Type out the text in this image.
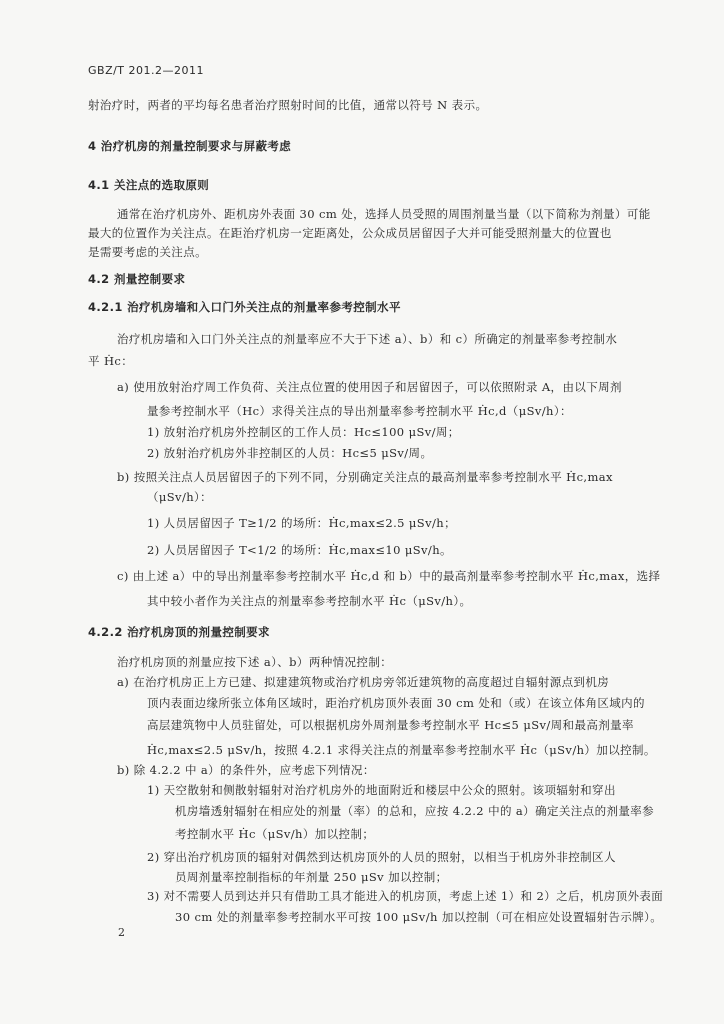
GBZ/T 201.2—2011
射治疗时，两者的平均每名患者治疗照射时间的比值，通常以符号 N 表示。
4 治疗机房的剂量控制要求与屏蔽考虑
4.1 关注点的选取原则
通常在治疗机房外、距机房外表面 30 cm 处，选择人员受照的周围剂量当量（以下简称为剂量）可能
最大的位置作为关注点。在距治疗机房一定距离处，公众成员居留因子大并可能受照剂量大的位置也
是需要考虑的关注点。
4.2 剂量控制要求
4.2.1 治疗机房墙和入口门外关注点的剂量率参考控制水平
治疗机房墙和入口门外关注点的剂量率应不大于下述 a）、b）和 c）所确定的剂量率参考控制水
平 Ḣc：
a) 使用放射治疗周工作负荷、关注点位置的使用因子和居留因子，可以依照附录 A，由以下周剂
量参考控制水平（Hc）求得关注点的导出剂量率参考控制水平 Ḣc,d（μSv/h）：
1) 放射治疗机房外控制区的工作人员：Hc≤100 μSv/周；
2) 放射治疗机房外非控制区的人员：Hc≤5 μSv/周。
b) 按照关注点人员居留因子的下列不同，分别确定关注点的最高剂量率参考控制水平 Ḣc,max
（μSv/h）：
1) 人员居留因子 T≥1/2 的场所：Ḣc,max≤2.5 μSv/h；
2) 人员居留因子 T<1/2 的场所：Ḣc,max≤10 μSv/h。
c) 由上述 a）中的导出剂量率参考控制水平 Ḣc,d 和 b）中的最高剂量率参考控制水平 Ḣc,max，选择
其中较小者作为关注点的剂量率参考控制水平 Ḣc（μSv/h）。
4.2.2 治疗机房顶的剂量控制要求
治疗机房顶的剂量应按下述 a）、b）两种情况控制：
a) 在治疗机房正上方已建、拟建建筑物或治疗机房旁邻近建筑物的高度超过自辐射源点到机房
顶内表面边缘所张立体角区域时，距治疗机房顶外表面 30 cm 处和（或）在该立体角区域内的
高层建筑物中人员驻留处，可以根据机房外周剂量参考控制水平 Hc≤5 μSv/周和最高剂量率
Ḣc,max≤2.5 μSv/h，按照 4.2.1 求得关注点的剂量率参考控制水平 Ḣc（μSv/h）加以控制。
b) 除 4.2.2 中 a）的条件外，应考虑下列情况：
1) 天空散射和侧散射辐射对治疗机房外的地面附近和楼层中公众的照射。该项辐射和穿出
机房墙透射辐射在相应处的剂量（率）的总和，应按 4.2.2 中的 a）确定关注点的剂量率参
考控制水平 Ḣc（μSv/h）加以控制；
2) 穿出治疗机房顶的辐射对偶然到达机房顶外的人员的照射，以相当于机房外非控制区人
员周剂量率控制指标的年剂量 250 μSv 加以控制；
3) 对不需要人员到达并只有借助工具才能进入的机房顶，考虑上述 1）和 2）之后，机房顶外表面
30 cm 处的剂量率参考控制水平可按 100 μSv/h 加以控制（可在相应处设置辐射告示牌）。
2
